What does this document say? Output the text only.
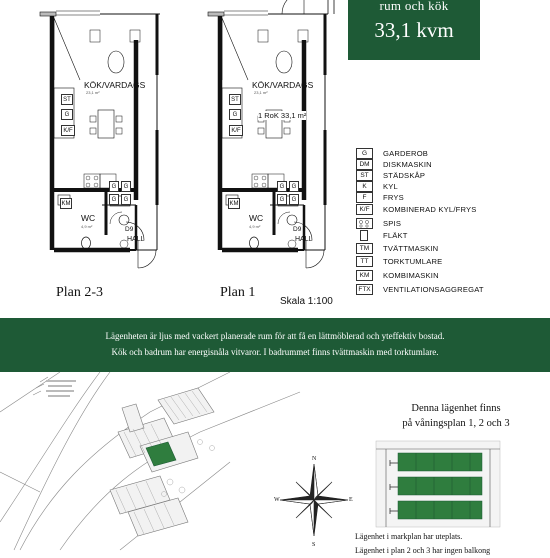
rum och kök
33,1 kvm
KÖK/VARDAGS
23,1 m²
WC
4,9 m²
HALL
ST
G
K/F
G	G
KM
G	G
D9
Plan 2-3
KÖK/VARDAGS
23,1 m²
1 RoK 33,1 m²
WC
4,9 m²
HALL
ST
G
K/F
G	G
KM
G	G
D9
Plan 1
Skala 1:100
G	GARDEROB
DM	DISKMASKIN
ST	STÄDSKÅP
K	KYL
F	FRYS
K/F	KOMBINERAD KYL/FRYS
SPIS
FLÄKT
TM	TVÄTTMASKIN
TT	TORKTUMLARE
KM	KOMBIMASKIN
FTX	VENTILATIONSAGGREGAT
Lägenheten är ljus med vackert planerade rum för att få en lättmöblerad och yteffektiv bostad.
Kök och badrum har energisnåla vitvaror. I badrummet finns tvättmaskin med torktumlare.
N
S
W	E
Denna lägenhet finns
på våningsplan 1, 2 och 3
Lägenhet i markplan har uteplats.
Lägenhet i plan 2 och 3 har ingen balkong
